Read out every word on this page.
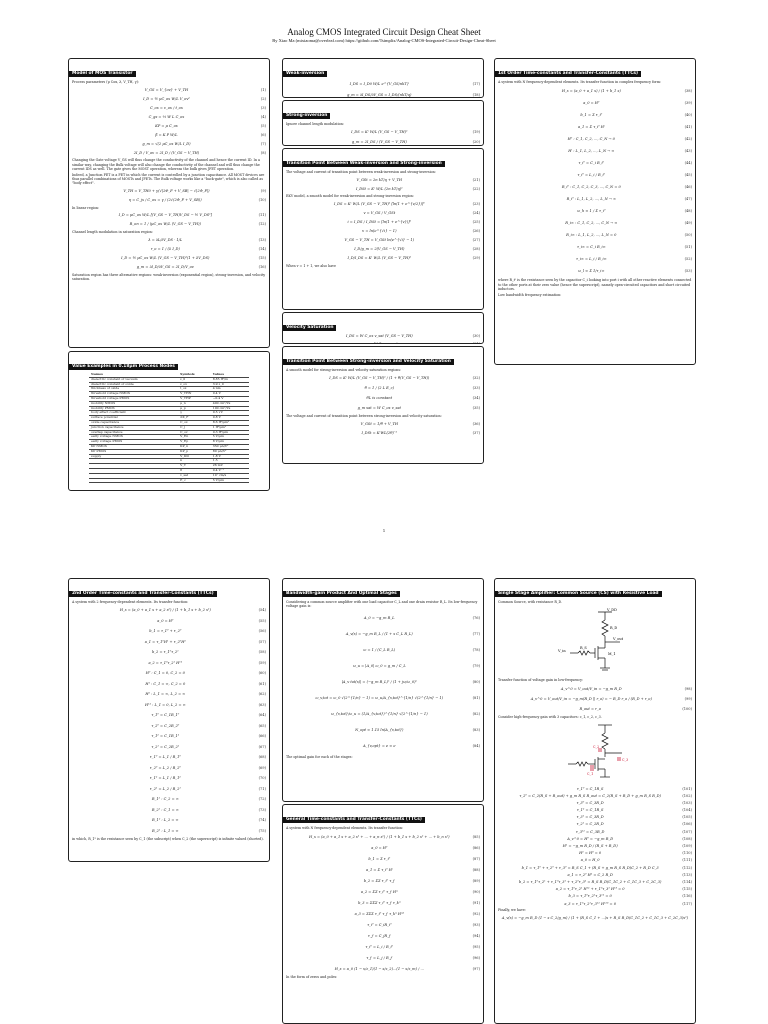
Analog CMOS Integrated Circuit Design Cheat Sheet
By Xiao Ma (mixiaoma@overleaf.com) https://github.com/Tsimplix/Analog-CMOS-Integrated-Circuit-Design-Cheat-Sheet
Model of MOS Transistor
Process parameters (μ Cox, λ, V_TH, γ):
V_GS = V_{ov} + V_TH	(1)
I_D = ½ μC_ox W/L V_ov²	(2)
C_ox = ε_ox / t_ox	(3)
C_gs = ⅔ W L C_ox	(4)
KP = μ C_ox	(5)
β = K P W/L	(6)
g_m = √(2 μC_ox W/L I_D)	(7)
2I_D / V_ov = 2I_D / (V_GS − V_TH)	(8)
Changing the Gate voltage V_GS will thus change the conductivity of the channel and hence the current ID. In a similar way, changing the Bulk voltage will also change the conductivity of the channel and will thus change the current IDS as well. The gate gives the MOST operation, whereas the bulk gives JFET operation.
Indeed, a Junction FET is a FET in which the current is controlled by a junction capacitance. All MOST devices are thus parallel combinations of MOSTs and JFETs. The Bulk voltage works like a "back-gate", which is also called as "body effect".
V_TH = V_TH0 + γ(√|2Φ_F + V_SB| − √|2Φ_F|)	(9)
η = C_js / C_ox = γ / (2√(2Φ_F + V_SB))	(10)
In linear region:
I_D = μC_ox W/L [(V_GS − V_TH)V_DS − ½ V_DS²]	(11)
R_on = 1 / (μC_ox W/L (V_GS − V_TH))	(12)
Channel length modulation in saturation region:
λ = ∂L/∂V_DS · 1/L	(13)
r_o = 1 / (λ I_D)	(14)
I_D = ½ μC_ox W/L (V_GS − V_TH)²(1 + λV_DS)	(15)
g_m = ∂I_D/∂V_GS = 2I_D/V_ov	(16)
Saturation region has three alternative regions: weak-inversion (exponential region), strong-inversion, and velocity saturation.
Value Examples in 0.18μm Process Nodes
Names	Symbols	Values
dielectric constant of vacuum	ε_0	8.85 fF/m
dielectric constant of oxide	ε_ox	3.9 ε_0
thickness of oxide	t_ox	4 nm
threshold voltage NMOS	V_THN	0.4 V
threshold voltage PMOS	V_THP	−0.4 V
mobility NMOS	μ_n	400 cm²/Vs
mobility PMOS	μ_p	100 cm²/Vs
body effect coefficient	γ	0.5 √V
surface potential	2Φ_F	0.8 V
oxide capacitance	C_ox	8.6 fF/μm²
junction capacitance	C_j	1 fF/μm²
overlap capacitance	C_ov	0.3 fF/μm
early voltage NMOS	V_En	5 V/μm
early voltage PMOS	V_Ep	8 V/μm
KP NMOS	KP_n	350 μA/V²
KP PMOS	KP_p	80 μA/V²
supply	V_DD	1.8 V
	n	1.5
	V_T	26 mV
	θ	0.4 V⁻¹
	v_sat	10⁷ cm/s
	E_c	5 V/μm
Weak-inversion
I_DS = I_D0 W/L e^{V_GS/nkT}	(17)
g_m = ∂I_DS/∂V_GS = I_DS/(nkT/q)	(18)
Strong-inversion
Ignore channel length modulation:
I_DS = K' W/L (V_GS − V_TH)²	(19)
g_m = 2I_DS / (V_GS − V_TH)	(20)
Transition Point Between Weak-inversion and Strong-inversion
The voltage and current of transition point between weak-inversion and strong-inversion:
V_GSt = 2n kT/q + V_TH	(21)
I_DSt = K' W/L (2n kT/q)²	(22)
EKV model, a smooth model for weak-inversion and strong-inversion region:
I_DS = K' W/L (V_GS − V_TH)² [ln(1 + e^{v/2})]²	(23)
v = V_GS / V_GSt	(24)
i = I_DS / I_DSt = [ln(1 + e^{v})]²	(25)
v = ln(e^{√i} − 1)	(26)
V_GS − V_TH = V_GSt ln(e^{√i} − 1)	(27)
I_D/g_m = 2(V_GS − V_TH)	(28)
I_D/I_DS = K' W/L (V_GS − V_TH)²	(29)
When v = 1 + 1, we also have
Velocity Saturation
I_DS = W C_ox v_sat (V_GS − V_TH)	(30)
g_m = W C_ox v_sat	(31)
Transition Point Between Strong-inversion and Velocity Saturation
A smooth model for strong-inversion and velocity saturation regions:
I_DS = K' W/L (V_GS − V_TH)² / (1 + θ(V_GS − V_TH))	(32)
θ = 1 / (2 L E_c)	(33)
θL is constant	(34)
g_m sat = W C_ox v_sat	(35)
The voltage and current of transition point between strong-inversion and velocity saturation:
V_GSt = 1/θ + V_TH	(36)
I_DSt = K'WL(2θ)⁻²	(37)
1st Order Time-constants and Transfer-Constants (TTCs)
A system with N frequency-dependent elements. Its transfer function in complex frequency form:
H_s = (a_0 + a_1 s) / (1 + b_1 s)	(38)
a_0 = H⁰	(39)
b_1 = Σ τ_i⁰	(40)
a_1 = Σ τ_i⁰ Hⁱ	(41)
H⁰ : C_1, C_2, ..., C_N → 0	(42)
Hⁱ : L_1, L_2, ..., L_N → ∞	(43)
τ_i⁰ = C_i R_i⁰	(44)
τ_i⁰ = L_i / R_i⁰	(45)
R_i⁰ : C_1, C_2, C_3, ..., C_N = 0	(46)
R_i⁰ : L_1, L_2, ..., L_N → ∞	(47)
ω_h ≈ 1 / Σ τ_i⁰	(48)
R_i∞ : C_1, C_2, ..., C_N → ∞	(49)
R_i∞ : L_1, L_2, ..., L_N = 0	(50)
τ_i∞ = C_i R_i∞	(51)
τ_i∞ = L_i / R_i∞	(52)
ω_l ≈ Σ 1/τ_i∞	(53)
where R_i⁰ is the resistance seen by the capacitor C_i looking into port i with all other reactive elements connected to the other ports at their zero value (hence the superscript), namely open-circuited capacitors and short circuited inductors.
Low bandwidth frequency estimation:
1
2nd Order Time-constants and Transfer-Constants (TTCs)
A system with 2 frequency-dependent elements. Its transfer function:
H_s = (a_0 + a_1 s + a_2 s²) / (1 + b_1 s + b_2 s²)	(54)
a_0 = H⁰	(55)
b_1 = τ_1⁰ + τ_2⁰	(56)
a_1 = τ_1⁰H¹ + τ_2⁰H²	(57)
b_2 = τ_1⁰τ_2¹	(58)
a_2 = τ_1⁰τ_2¹ H¹²	(59)
H⁰ : C_1 = 0, C_2 = 0	(60)
H¹ : C_1 = ∞, C_2 = 0	(61)
H² : L_1 = ∞, L_2 = ∞	(62)
H¹² : L_1 = 0, L_2 = ∞	(63)
τ_1⁰ = C_1R_1⁰	(64)
τ_2⁰ = C_2R_2⁰	(65)
τ_1² = C_1R_1²	(66)
τ_2¹ = C_2R_2¹	(67)
τ_1⁰ = L_1 / R_1⁰	(68)
τ_2⁰ = L_2 / R_2⁰	(69)
τ_1² = L_1 / R_1²	(70)
τ_2¹ = L_2 / R_2¹	(71)
R_1² : C_2 = ∞	(72)
R_2¹ : C_1 = ∞	(73)
R_1² : L_2 = ∞	(74)
R_2¹ : L_1 = ∞	(75)
in which, R_1² is the resistance seen by C_1 (the subscript) when C_2 (the superscript) is infinite valued (shorted).
Bandwidth-gain Product And Optimal Stages
Considering a common source amplifier with one load capacitor C_L and one drain resistor R_L. Its low-frequency voltage gain is:
A_0 = −g_m R_L	(76)
A_v(s) = −g_m R_L / (1 + s C_L R_L)	(77)
ω = 1 / (C_L R_L)	(78)
ω_u = |A_0| ω_0 = g_m / C_L	(79)
|A_v tot(s)| = (−g_m R_L)ⁿ / (1 + jω/ω_0)ⁿ	(80)
ω_v,tot = ω_0 √(2^{1/n} − 1) = ω_u/A_{v,tot}^{1/n} √(2^{1/n} − 1)	(81)
ω_{v,tot}/ω_u = (1/A_{v,tot})^{1/n} √(2^{1/n} − 1)	(82)
N_opt ≈ 1.15 ln(A_{v,tot})	(83)
A_{v,opt} = e ≈ e	(84)
The optimal gain for each of the stages:
General Time-constants and Transfer-Constants (TTCs)
A system with N frequency-dependent elements. Its transfer function:
H_s = (a_0 + a_1 s + a_2 s² + ... + a_n sⁿ) / (1 + b_1 s + b_2 s² + ... + b_n sⁿ)	(85)
a_0 = H⁰	(86)
b_1 = Σ τ_i⁰	(87)
a_1 = Σ τ_i⁰ Hⁱ	(88)
b_2 = ΣΣ τ_i⁰ τ_jⁱ	(89)
a_2 = ΣΣ τ_i⁰ τ_jⁱ Hⁱʲ	(90)
b_3 = ΣΣΣ τ_i⁰ τ_jⁱ τ_kⁱʲ	(91)
a_3 = ΣΣΣ τ_i⁰ τ_jⁱ τ_kⁱʲ Hⁱʲᵏ	(92)
τ_i⁰ = C_iR_i⁰	(93)
τ_jⁱ = C_jR_jⁱ	(94)
τ_i⁰ = L_i / R_i⁰	(95)
τ_jⁱ = L_j / R_jⁱ	(96)
H_s = a_0 (1 − s/z_1)(1 − s/z_2)...(1 − s/z_m) / ...	(97)
In the form of zeros and poles:
Single Stage Amplifier: Common Source (CS) with Resistive Load
Common Source, with resistance R_D.
V_DD
R_D
V_out
V_in
R_S
M_1
Transfer function of voltage gain in low-frequency:
A_v^0 = V_out/V_in = −g_m R_D	(98)
A_v^0 = V_out/V_in = −g_m(R_D || r_o) = − R_D r_o / (R_D + r_o)	(99)
R_out = r_o	(100)
Consider high-frequency gain with 3 capacitors: c_1, c_2, c_3.
C_1
C_2
C_3
τ_1⁰ = C_1R_S	(101)
τ_2⁰ = C_2(R_S + R_out) + g_m R_S R_out = C_2(R_S + R_D + g_m R_S R_D)	(102)
τ_3⁰ = C_3R_D	(103)
τ_1² = C_1R_S	(104)
τ_3¹ = C_3R_D	(105)
τ_2¹ = C_2R_D	(106)
τ_3¹² = C_3R_D	(107)
A_v^0 = H⁰ = −g_m R_D	(108)
H¹ = −g_m R_D / (R_S + R_D)	(109)
H² = H³ = 0	(110)
a_0 = H_0	(111)
b_1 = τ_1⁰ + τ_2⁰ + τ_3⁰ = R_S C_1 + (R_S + g_m R_S R_D)C_2 + R_D C_3	(112)
a_1 = τ_2⁰ H² = C_2 R_D	(113)
b_2 = τ_1⁰τ_2¹ + τ_1⁰τ_3¹ + τ_2⁰τ_3² = R_S R_D(C_1C_2 + C_1C_3 + C_2C_3)	(114)
a_2 = τ_1⁰τ_2¹ H¹² + τ_1⁰τ_3¹ H¹³ = 0	(115)
b_3 = τ_1⁰τ_2¹τ_3¹² = 0	(116)
a_3 = τ_1⁰τ_2¹τ_3¹² H¹²³ = 0	(117)
Finally, we have:
A_v(s) = −g_m R_D (1 − s C_2/g_m) / (1 + (R_S C_1 + ...)s + R_S R_D(C_1C_2 + C_1C_3 + C_2C_3)s²)
